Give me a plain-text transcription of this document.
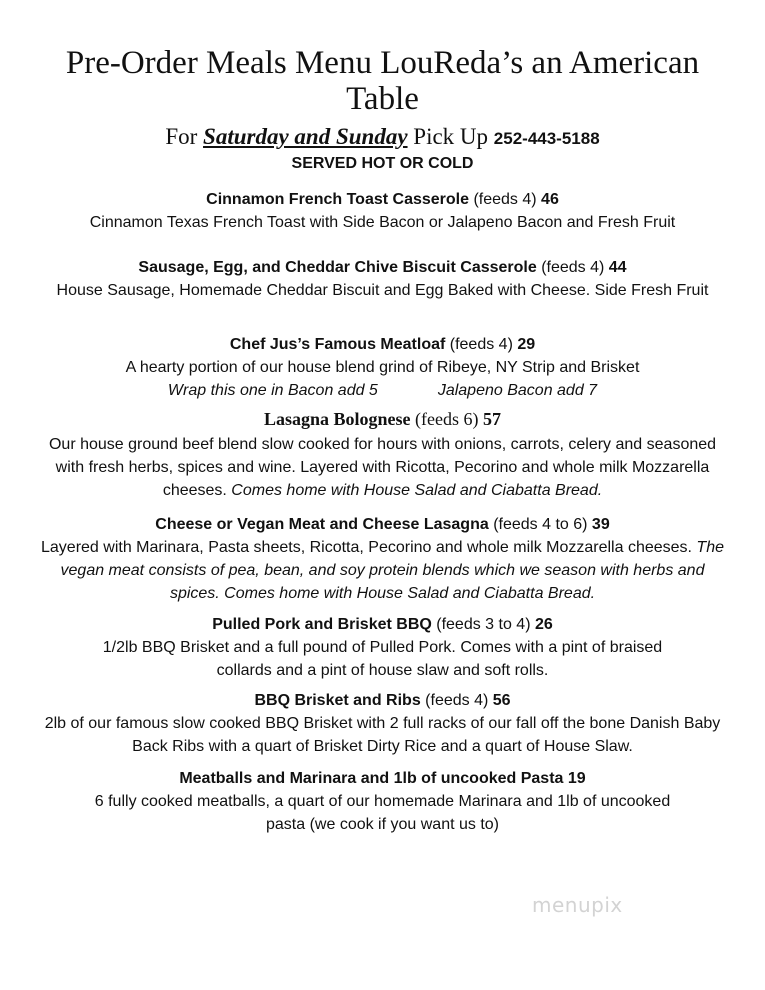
Pre-Order Meals Menu LouReda’s an American
Table
For Saturday and Sunday Pick Up 252-443-5188
SERVED HOT OR COLD
Cinnamon French Toast Casserole (feeds 4) 46
Cinnamon Texas French Toast with Side Bacon or Jalapeno Bacon and Fresh Fruit
Sausage, Egg, and Cheddar Chive Biscuit Casserole (feeds 4) 44
House Sausage, Homemade Cheddar Biscuit and Egg Baked with Cheese. Side Fresh Fruit
Chef Jus’s Famous Meatloaf (feeds 4) 29
A hearty portion of our house blend grind of Ribeye, NY Strip and Brisket
Wrap this one in Bacon add 5	Jalapeno Bacon add 7
Lasagna Bolognese (feeds 6) 57
Our house ground beef blend slow cooked for hours with onions, carrots, celery and seasoned with fresh herbs, spices and wine. Layered with Ricotta, Pecorino and whole milk Mozzarella cheeses. Comes home with House Salad and Ciabatta Bread.
Cheese or Vegan Meat and Cheese Lasagna (feeds 4 to 6) 39
Layered with Marinara, Pasta sheets, Ricotta, Pecorino and whole milk Mozzarella cheeses. The vegan meat consists of pea, bean, and soy protein blends which we season with herbs and spices. Comes home with House Salad and Ciabatta Bread.
Pulled Pork and Brisket BBQ (feeds 3 to 4) 26
1/2lb BBQ Brisket and a full pound of Pulled Pork. Comes with a pint of braised collards and a pint of house slaw and soft rolls.
BBQ Brisket and Ribs (feeds 4) 56
2lb of our famous slow cooked BBQ Brisket with 2 full racks of our fall off the bone Danish Baby Back Ribs with a quart of Brisket Dirty Rice and a quart of House Slaw.
Meatballs and Marinara and 1lb of uncooked Pasta 19
6 fully cooked meatballs, a quart of our homemade Marinara and 1lb of uncooked pasta (we cook if you want us to)
menupix
